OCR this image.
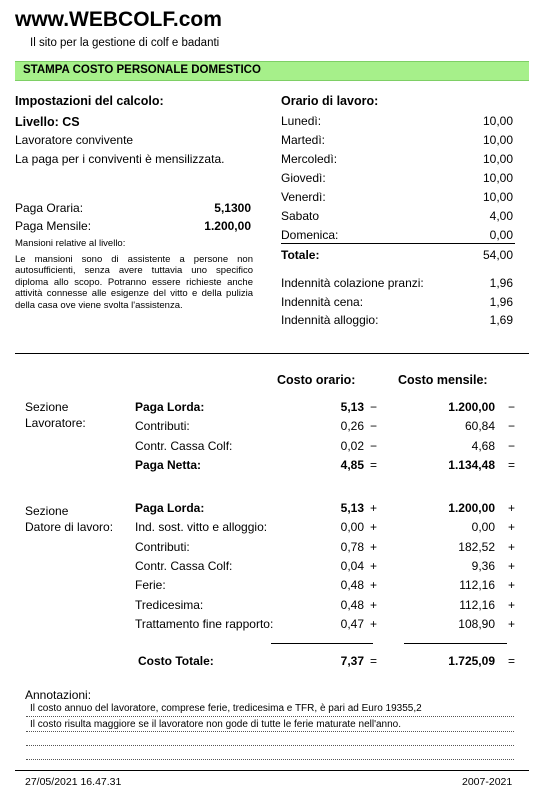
www.WEBCOLF.com
Il sito per la gestione di colf e badanti
STAMPA COSTO PERSONALE DOMESTICO
Impostazioni del calcolo:
Livello: CS
Lavoratore convivente
La paga per i conviventi è mensilizzata.
Paga Oraria:	5,1300
Paga Mensile:	1.200,00
Mansioni relative al livello:
Le mansioni sono di assistente a persone non autosufficienti, senza avere tuttavia uno specifico diploma allo scopo. Potranno essere richieste anche attività connesse alle esigenze del vitto e della pulizia della casa ove viene svolta l'assistenza.
Orario di lavoro:
Lunedì:	10,00
Martedì:	10,00
Mercoledì:	10,00
Giovedì:	10,00
Venerdì:	10,00
Sabato	4,00
Domenica:	0,00
Totale:	54,00
Indennità colazione pranzi:	1,96
Indennità cena:	1,96
Indennità alloggio:	1,69
Costo orario:	Costo mensile:
Sezione
Lavoratore:
Paga Lorda:	5,13 −	1.200,00 −
Contributi:	0,26 −	60,84 −
Contr. Cassa Colf:	0,02 −	4,68 −
Paga Netta:	4,85 =	1.134,48 =
Sezione
Datore di lavoro:
Paga Lorda:	5,13 +	1.200,00 +
Ind. sost. vitto e alloggio:	0,00 +	0,00 +
Contributi:	0,78 +	182,52 +
Contr. Cassa Colf:	0,04 +	9,36 +
Ferie:	0,48 +	112,16 +
Tredicesima:	0,48 +	112,16 +
Trattamento fine rapporto:	0,47 +	108,90 +
Costo Totale:	7,37 =	1.725,09 =
Annotazioni:
Il costo annuo del lavoratore, comprese ferie, tredicesima e TFR, è pari ad Euro 19355,2
Il costo risulta maggiore se il lavoratore non gode di tutte le ferie maturate nell'anno.
27/05/2021 16.47.31	2007-2021
